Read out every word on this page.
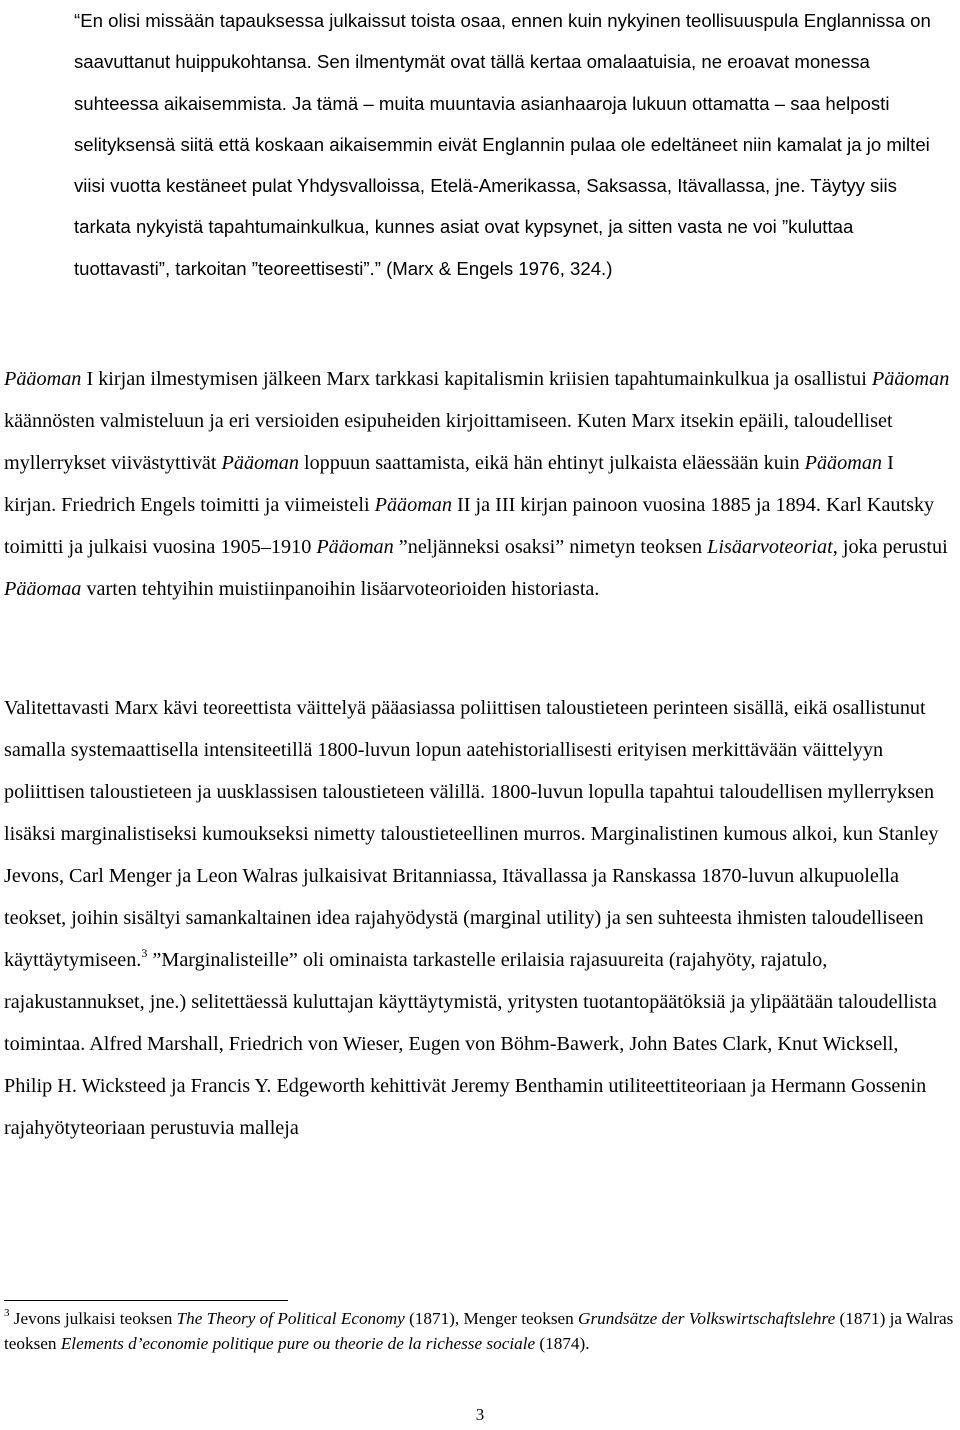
“En olisi missään tapauksessa julkaissut toista osaa, ennen kuin nykyinen teollisuuspula Englannissa on saavuttanut huippukohtansa. Sen ilmentymät ovat tällä kertaa omalaatuisia, ne eroavat monessa suhteessa aikaisemmista. Ja tämä – muita muuntavia asianhaaroja lukuun ottamatta – saa helposti selityksensä siitä että koskaan aikaisemmin eivät Englannin pulaa ole edeltäneet niin kamalat ja jo miltei viisi vuotta kestäneet pulat Yhdysvalloissa, Etelä-Amerikassa, Saksassa, Itävallassa, jne. Täytyy siis tarkata nykyistä tapahtumainkulkua, kunnes asiat ovat kypsynet, ja sitten vasta ne voi ”kuluttaa tuottavasti”, tarkoitan ”teoreettisesti”.” (Marx & Engels 1976, 324.)
Pääoman I kirjan ilmestymisen jälkeen Marx tarkkasi kapitalismin kriisien tapahtumainkulkua ja osallistui Pääoman käännösten valmisteluun ja eri versioiden esipuheiden kirjoittamiseen. Kuten Marx itsekin epäili, taloudelliset myllerrykset viivästyttivät Pääoman loppuun saattamista, eikä hän ehtinyt julkaista eläessään kuin Pääoman I kirjan. Friedrich Engels toimitti ja viimeisteli Pääoman II ja III kirjan painoon vuosina 1885 ja 1894. Karl Kautsky toimitti ja julkaisi vuosina 1905–1910 Pääoman ”neljänneksi osaksi” nimetyn teoksen Lisäarvoteoriat, joka perustui Pääomaa varten tehtyihin muistiinpanoihin lisäarvoteorioiden historiasta.
Valitettavasti Marx kävi teoreettista väittelyä pääasiassa poliittisen taloustieteen perinteen sisällä, eikä osallistunut samalla systemaattisella intensiteetillä 1800-luvun lopun aatehistoriallisesti erityisen merkittävään väittelyyn poliittisen taloustieteen ja uusklassisen taloustieteen välillä. 1800-luvun lopulla tapahtui taloudellisen myllerryksen lisäksi marginalistiseksi kumoukseksi nimetty taloustieteellinen murros. Marginalistinen kumous alkoi, kun Stanley Jevons, Carl Menger ja Leon Walras julkaisivat Britanniassa, Itävallassa ja Ranskassa 1870-luvun alkupuolella teokset, joihin sisältyi samankaltainen idea rajahyödystä (marginal utility) ja sen suhteesta ihmisten taloudelliseen käyttäytymiseen.$^3$ ”Marginalisteille” oli ominaista tarkastelle erilaisia rajasuureita (rajahyöty, rajatulo, rajakustannukset, jne.) selitettäessä kuluttajan käyttäytymistä, yritysten tuotantopäätöksiä ja ylipäätään taloudellista toimintaa. Alfred Marshall, Friedrich von Wieser, Eugen von Böhm-Bawerk, John Bates Clark, Knut Wicksell, Philip H. Wicksteed ja Francis Y. Edgeworth kehittivät Jeremy Benthamin utiliteettiteoriaan ja Hermann Gossenin rajahyötyteoriaan perustuvia malleja
$^3$ Jevons julkaisi teoksen The Theory of Political Economy (1871), Menger teoksen Grundsätze der Volkswirtschaftslehre (1871) ja Walras teoksen Elements d’economie politique pure ou theorie de la richesse sociale (1874).
3
